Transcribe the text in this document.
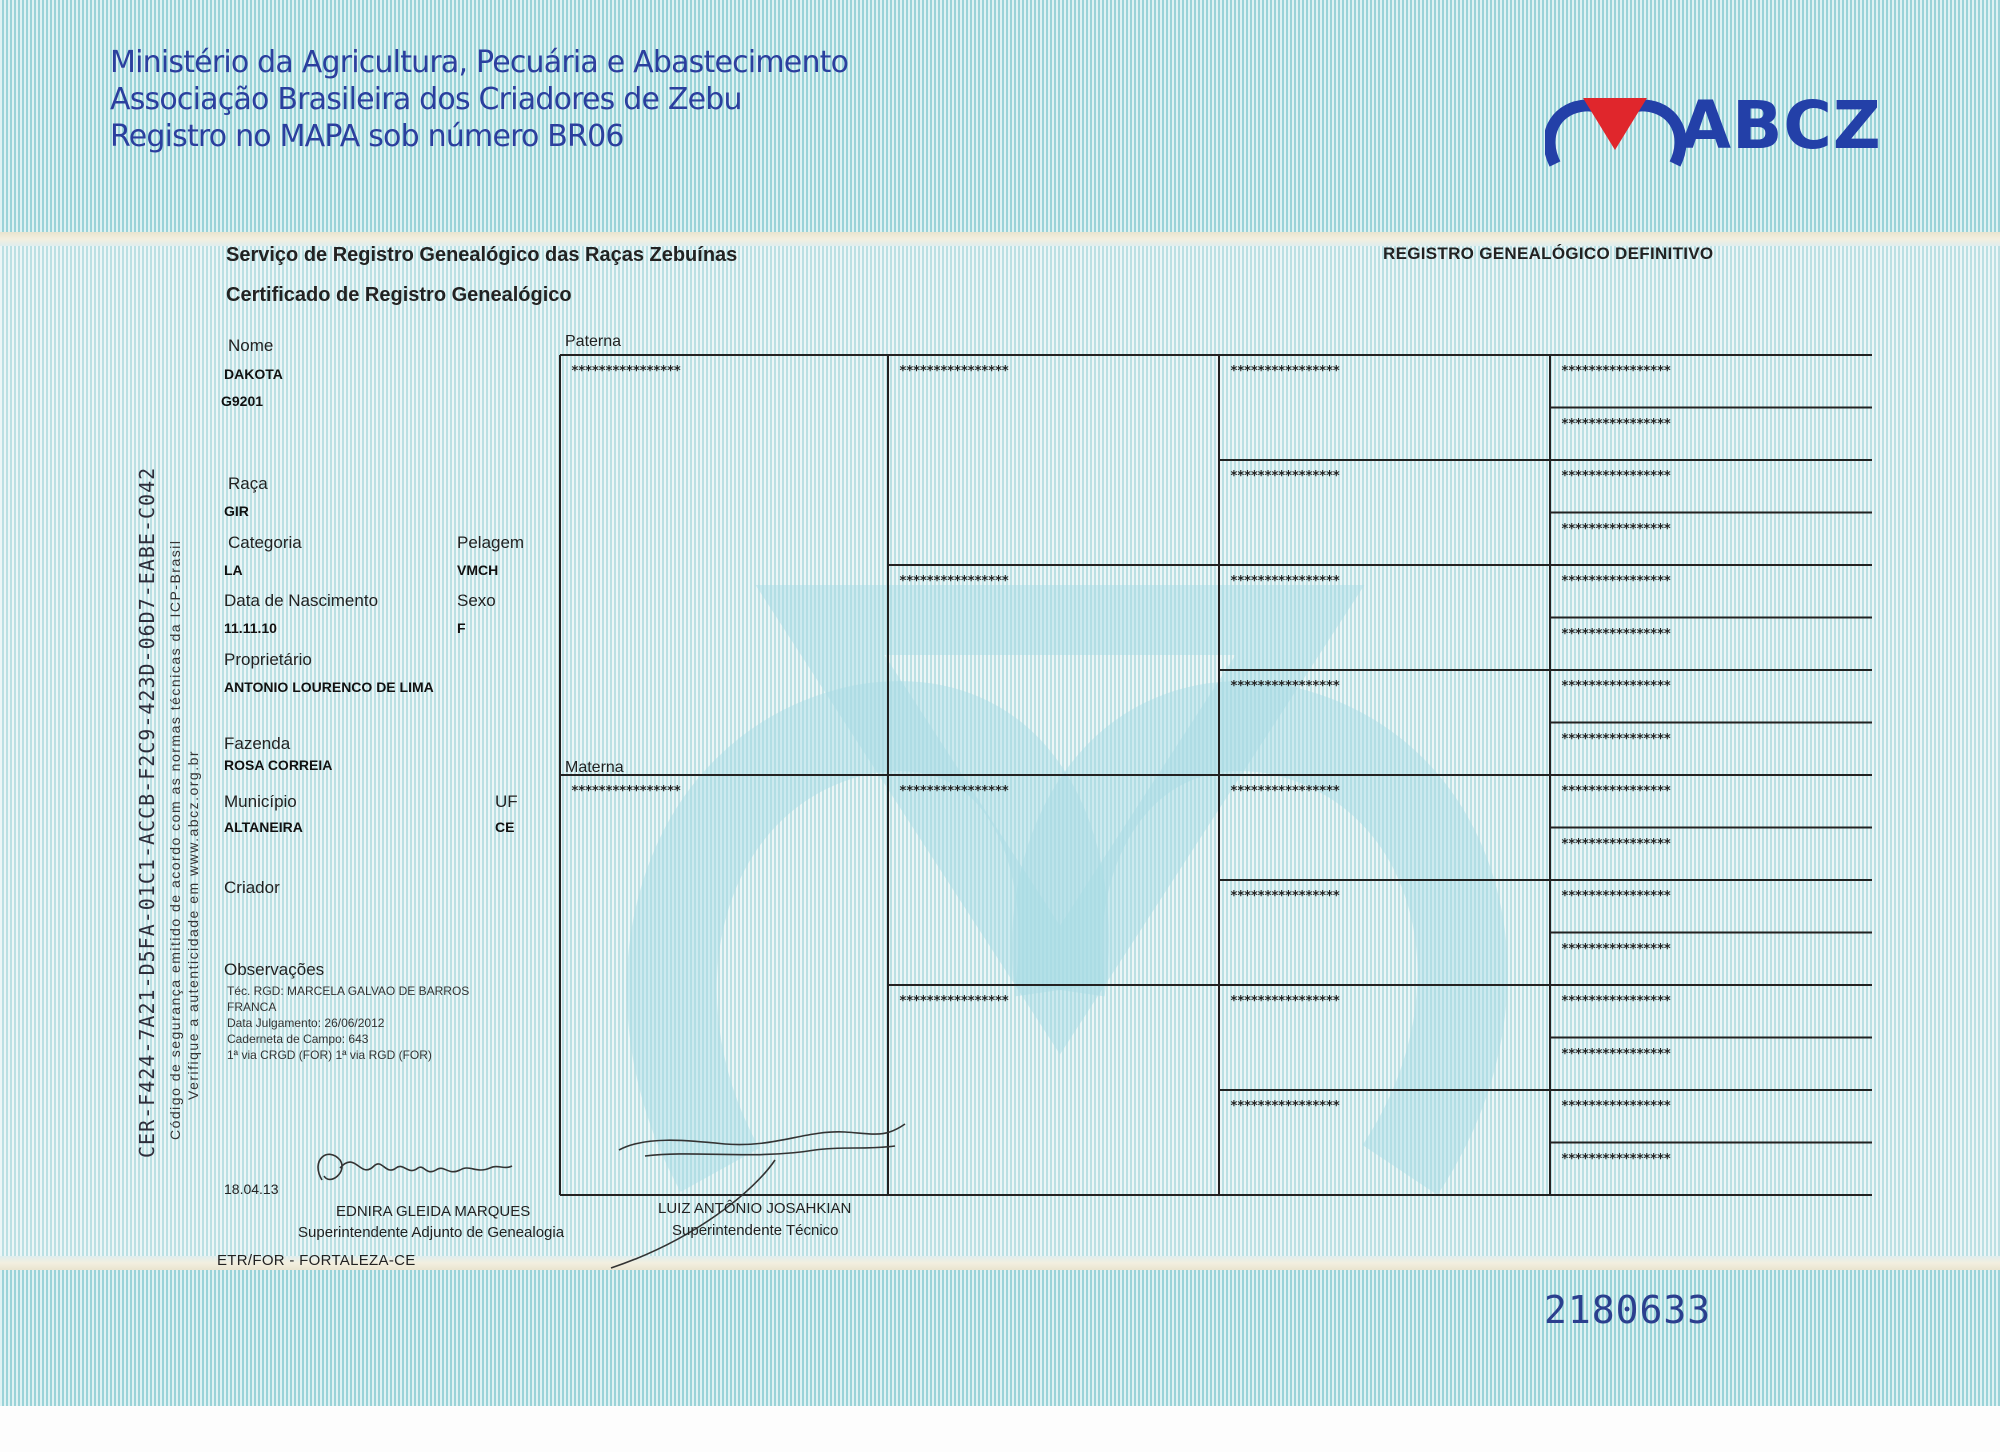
Ministério da Agricultura, Pecuária e Abastecimento
Associação Brasileira dos Criadores de Zebu
Registro no MAPA sob número BR06	ABCZ
Serviço de Registro Genealógico das Raças Zebuínas
Certificado de Registro Genealógico
REGISTRO GENEALÓGICO DEFINITIVO
CER-F424-7A21-D5FA-01C1-ACCB-F2C9-423D-06D7-EABE-C042 Código de segurança emitido de acordo com as normas técnicas da ICP-Brasil Verifique a autenticidade em www.abcz.org.br
Nome
DAKOTA
G9201
Raça
GIR
Categoria
LA
Pelagem
VMCH
Data de Nascimento
11.11.10
Sexo
F
Proprietário
ANTONIO LOURENCO DE LIMA
Fazenda
ROSA CORREIA
Município
ALTANEIRA
UF
CE
Criador
Observações
Téc. RGD: MARCELA GALVAO DE BARROS
FRANCA
Data Julgamento: 26/06/2012
Caderneta de Campo: 643
1ª via CRGD (FOR) 1ª via RGD (FOR)
Paterna
Materna
****************
****************
****************
****************
****************
****************
****************
****************
****************
****************
****************
****************
****************
****************
****************
****************
****************
****************
****************
****************
****************
****************
****************
****************
****************
****************
****************
****************
****************
****************
18.04.13
EDNIRA GLEIDA MARQUES
Superintendente Adjunto de Genealogia
LUIZ ANTÔNIO JOSAHKIAN
Superintendente Técnico
ETR/FOR - FORTALEZA-CE
2180633
